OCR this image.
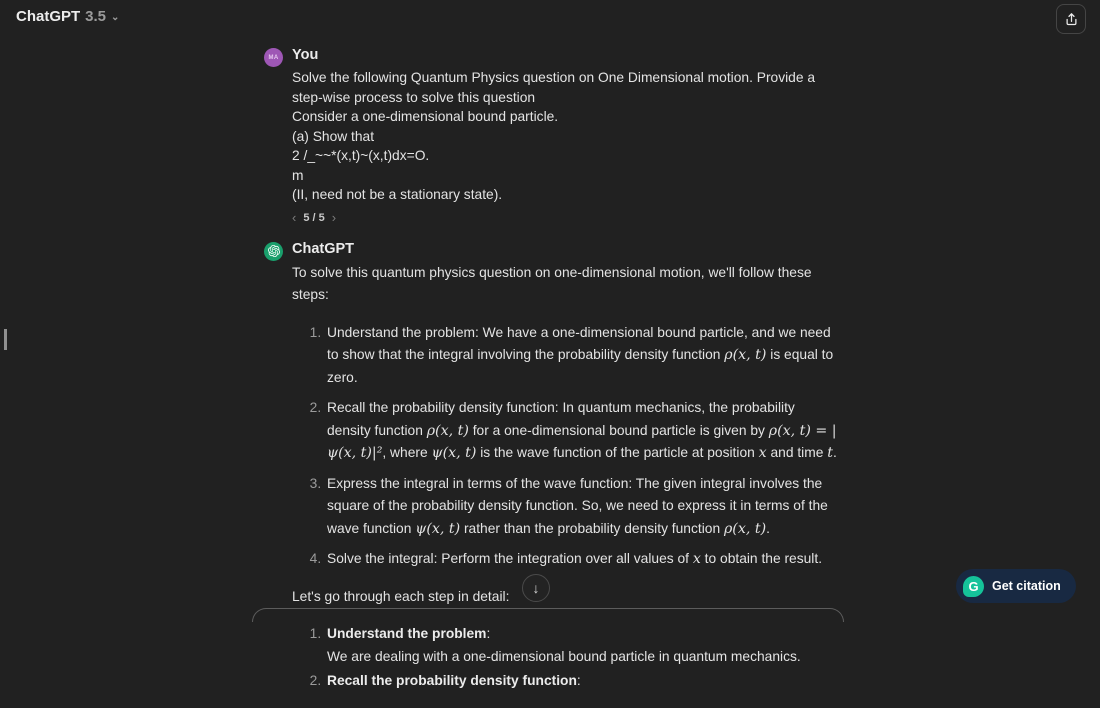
ChatGPT 3.5 ⌄
MA You
Solve the following Quantum Physics question on One Dimensional motion. Provide a step-wise process to solve this question
Consider a one-dimensional bound particle.
(a) Show that
2 /_~~*(x,t)~(x,t)dx=O.
m
(II, need not be a stationary state).
‹ 5 / 5 ›
ChatGPT

To solve this quantum physics question on one-dimensional motion, we'll follow these steps:

1. Understand the problem: We have a one-dimensional bound particle, and we need to show that the integral involving the probability density function ρ(x, t) is equal to zero.
2. Recall the probability density function: In quantum mechanics, the probability density function ρ(x, t) for a one-dimensional bound particle is given by ρ(x, t) = |ψ(x, t)|², where ψ(x, t) is the wave function of the particle at position x and time t.
3. Express the integral in terms of the wave function: The given integral involves the square of the probability density function. So, we need to express it in terms of the wave function ψ(x, t) rather than the probability density function ρ(x, t).
4. Solve the integral: Perform the integration over all values of x to obtain the result.

Let's go through each step in detail:

1. Understand the problem:
We are dealing with a one-dimensional bound particle in quantum mechanics.
2. Recall the probability density function:
↓	G	Get citation
